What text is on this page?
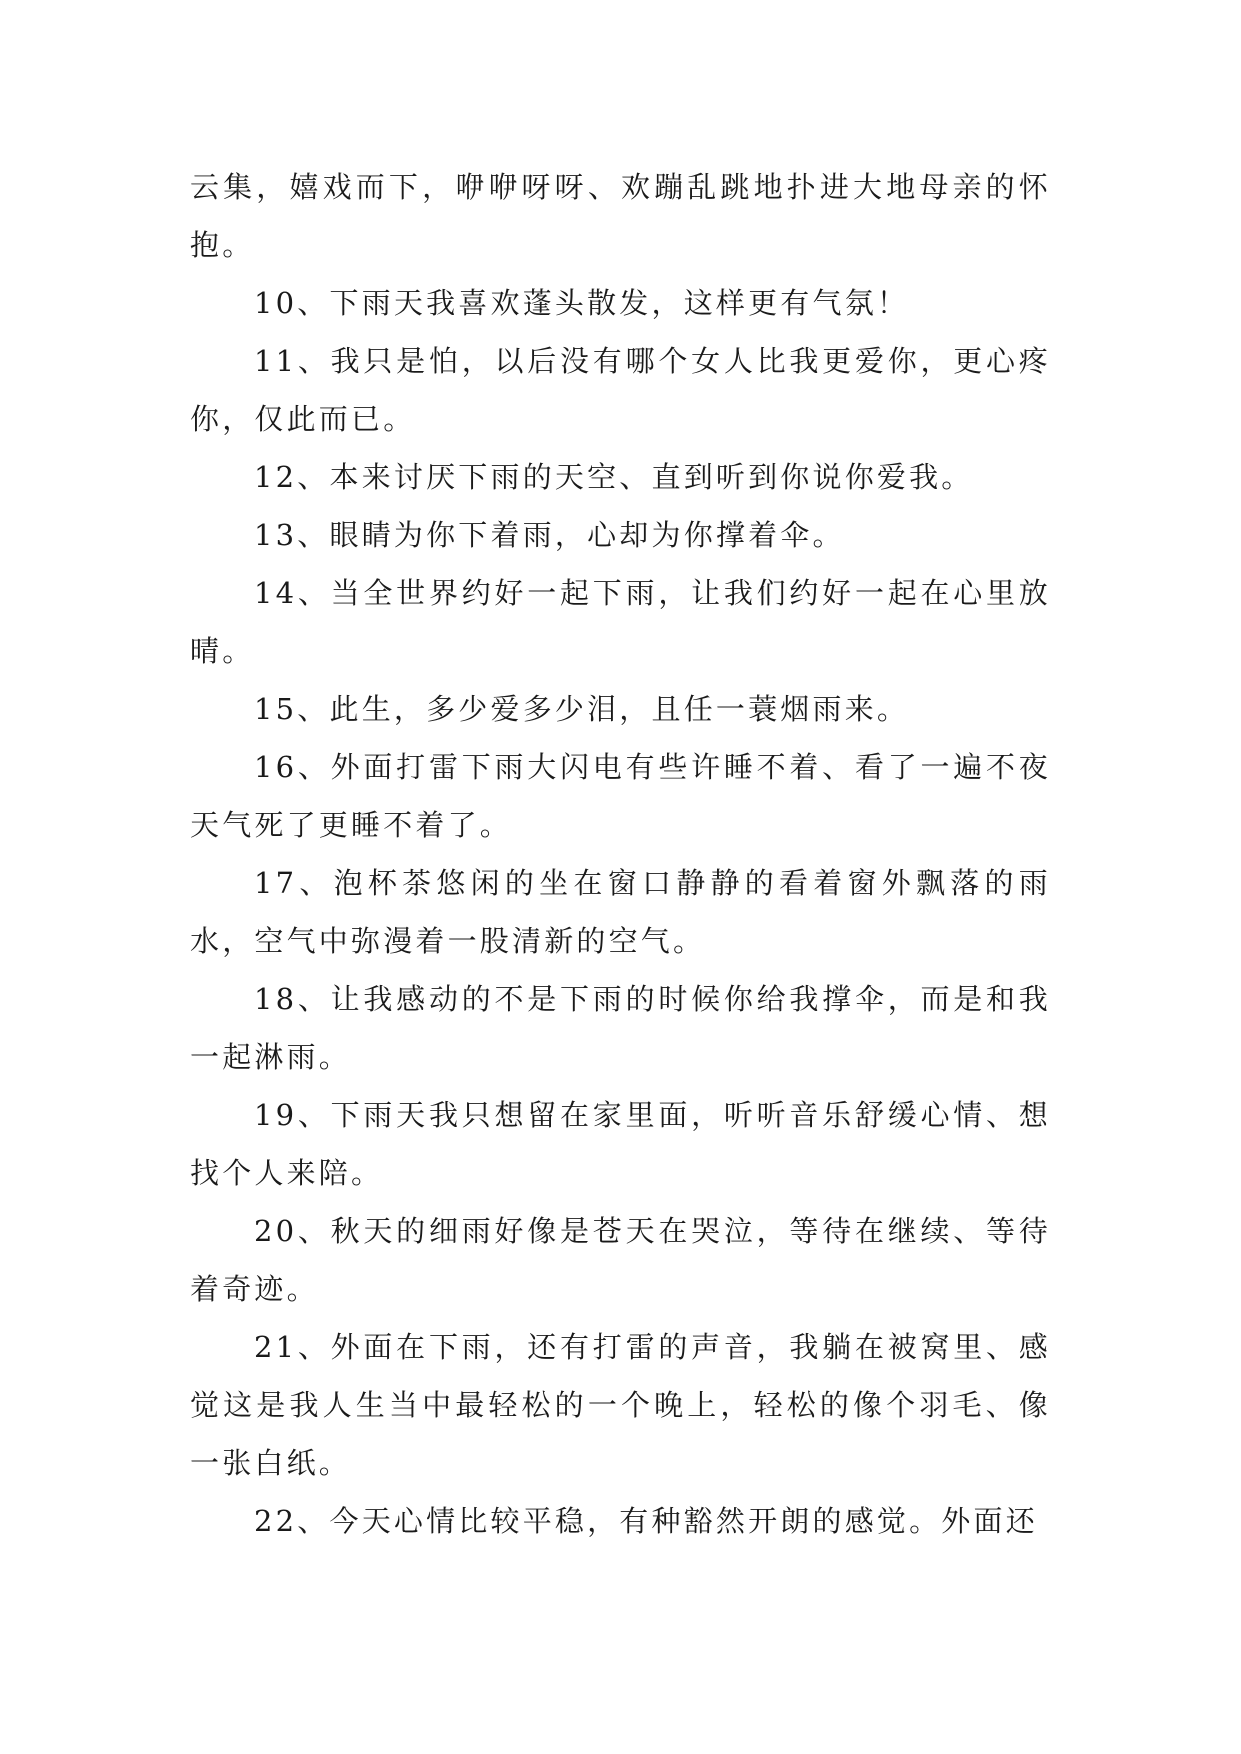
云集，嬉戏而下，咿咿呀呀、欢蹦乱跳地扑进大地母亲的怀抱。

10、下雨天我喜欢蓬头散发，这样更有气氛！

11、我只是怕，以后没有哪个女人比我更爱你，更心疼你，仅此而已。

12、本来讨厌下雨的天空、直到听到你说你爱我。

13、眼睛为你下着雨，心却为你撑着伞。

14、当全世界约好一起下雨，让我们约好一起在心里放晴。

15、此生，多少爱多少泪，且任一蓑烟雨来。

16、外面打雷下雨大闪电有些许睡不着、看了一遍不夜天气死了更睡不着了。

17、泡杯茶悠闲的坐在窗口静静的看着窗外飘落的雨水，空气中弥漫着一股清新的空气。

18、让我感动的不是下雨的时候你给我撑伞，而是和我一起淋雨。

19、下雨天我只想留在家里面，听听音乐舒缓心情、想找个人来陪。

20、秋天的细雨好像是苍天在哭泣，等待在继续、等待着奇迹。

21、外面在下雨，还有打雷的声音，我躺在被窝里、感觉这是我人生当中最轻松的一个晚上，轻松的像个羽毛、像一张白纸。

22、今天心情比较平稳，有种豁然开朗的感觉。外面还
